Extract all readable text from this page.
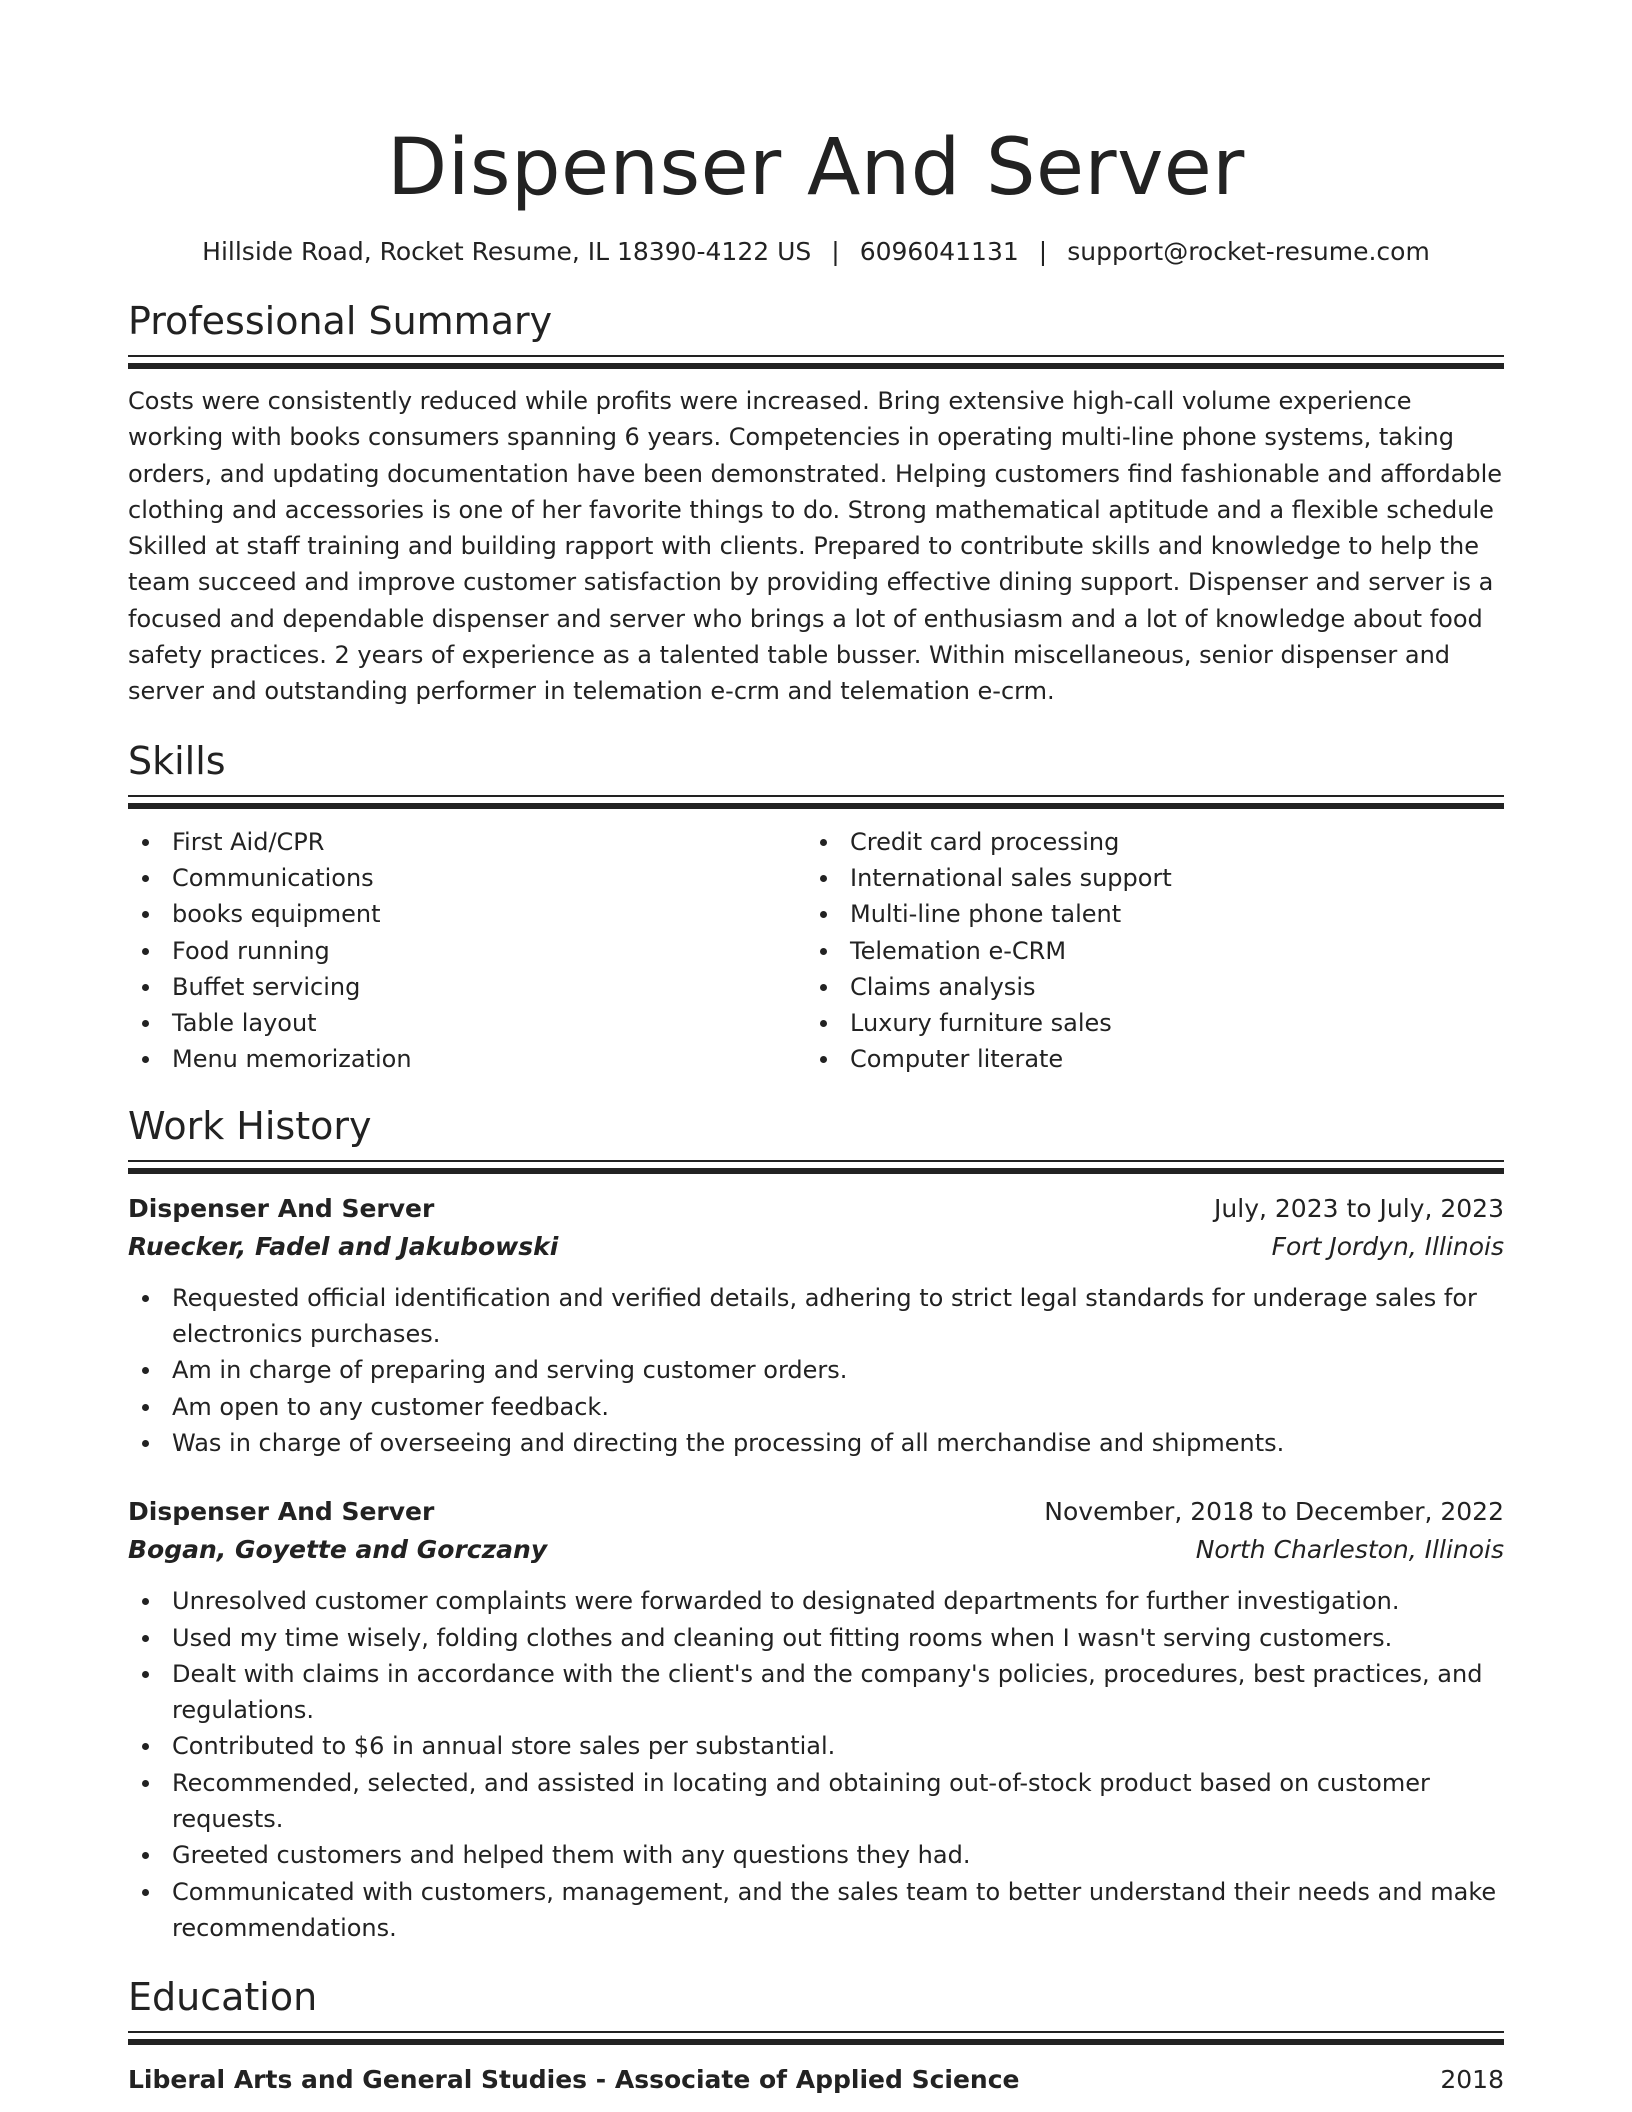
Dispenser And Server
Hillside Road, Rocket Resume, IL 18390-4122 US | 6096041131 | support@rocket-resume.com
Professional Summary

Costs were consistently reduced while profits were increased. Bring extensive high-call volume experience working with books consumers spanning 6 years. Competencies in operating multi-line phone systems, taking orders, and updating documentation have been demonstrated. Helping customers find fashionable and affordable clothing and accessories is one of her favorite things to do. Strong mathematical aptitude and a flexible schedule Skilled at staff training and building rapport with clients. Prepared to contribute skills and knowledge to help the team succeed and improve customer satisfaction by providing effective dining support. Dispenser and server is a focused and dependable dispenser and server who brings a lot of enthusiasm and a lot of knowledge about food safety practices. 2 years of experience as a talented table busser. Within miscellaneous, senior dispenser and server and outstanding performer in telemation e-crm and telemation e-crm.

Skills
First Aid/CPR
Communications
books equipment
Food running
Buffet servicing
Table layout
Menu memorization
Credit card processing
International sales support
Multi-line phone talent
Telemation e-CRM
Claims analysis
Luxury furniture sales
Computer literate
Work History
Dispenser And Server	July, 2023 to July, 2023
Ruecker, Fadel and Jakubowski	Fort Jordyn, Illinois
Requested official identification and verified details, adhering to strict legal standards for underage sales for electronics purchases.
Am in charge of preparing and serving customer orders.
Am open to any customer feedback.
Was in charge of overseeing and directing the processing of all merchandise and shipments.
Dispenser And Server	November, 2018 to December, 2022
Bogan, Goyette and Gorczany	North Charleston, Illinois
Unresolved customer complaints were forwarded to designated departments for further investigation.
Used my time wisely, folding clothes and cleaning out fitting rooms when I wasn't serving customers.
Dealt with claims in accordance with the client's and the company's policies, procedures, best practices, and regulations.
Contributed to $6 in annual store sales per substantial.
Recommended, selected, and assisted in locating and obtaining out-of-stock product based on customer requests.
Greeted customers and helped them with any questions they had.
Communicated with customers, management, and the sales team to better understand their needs and make recommendations.
Education
Liberal Arts and General Studies - Associate of Applied Science	2018
